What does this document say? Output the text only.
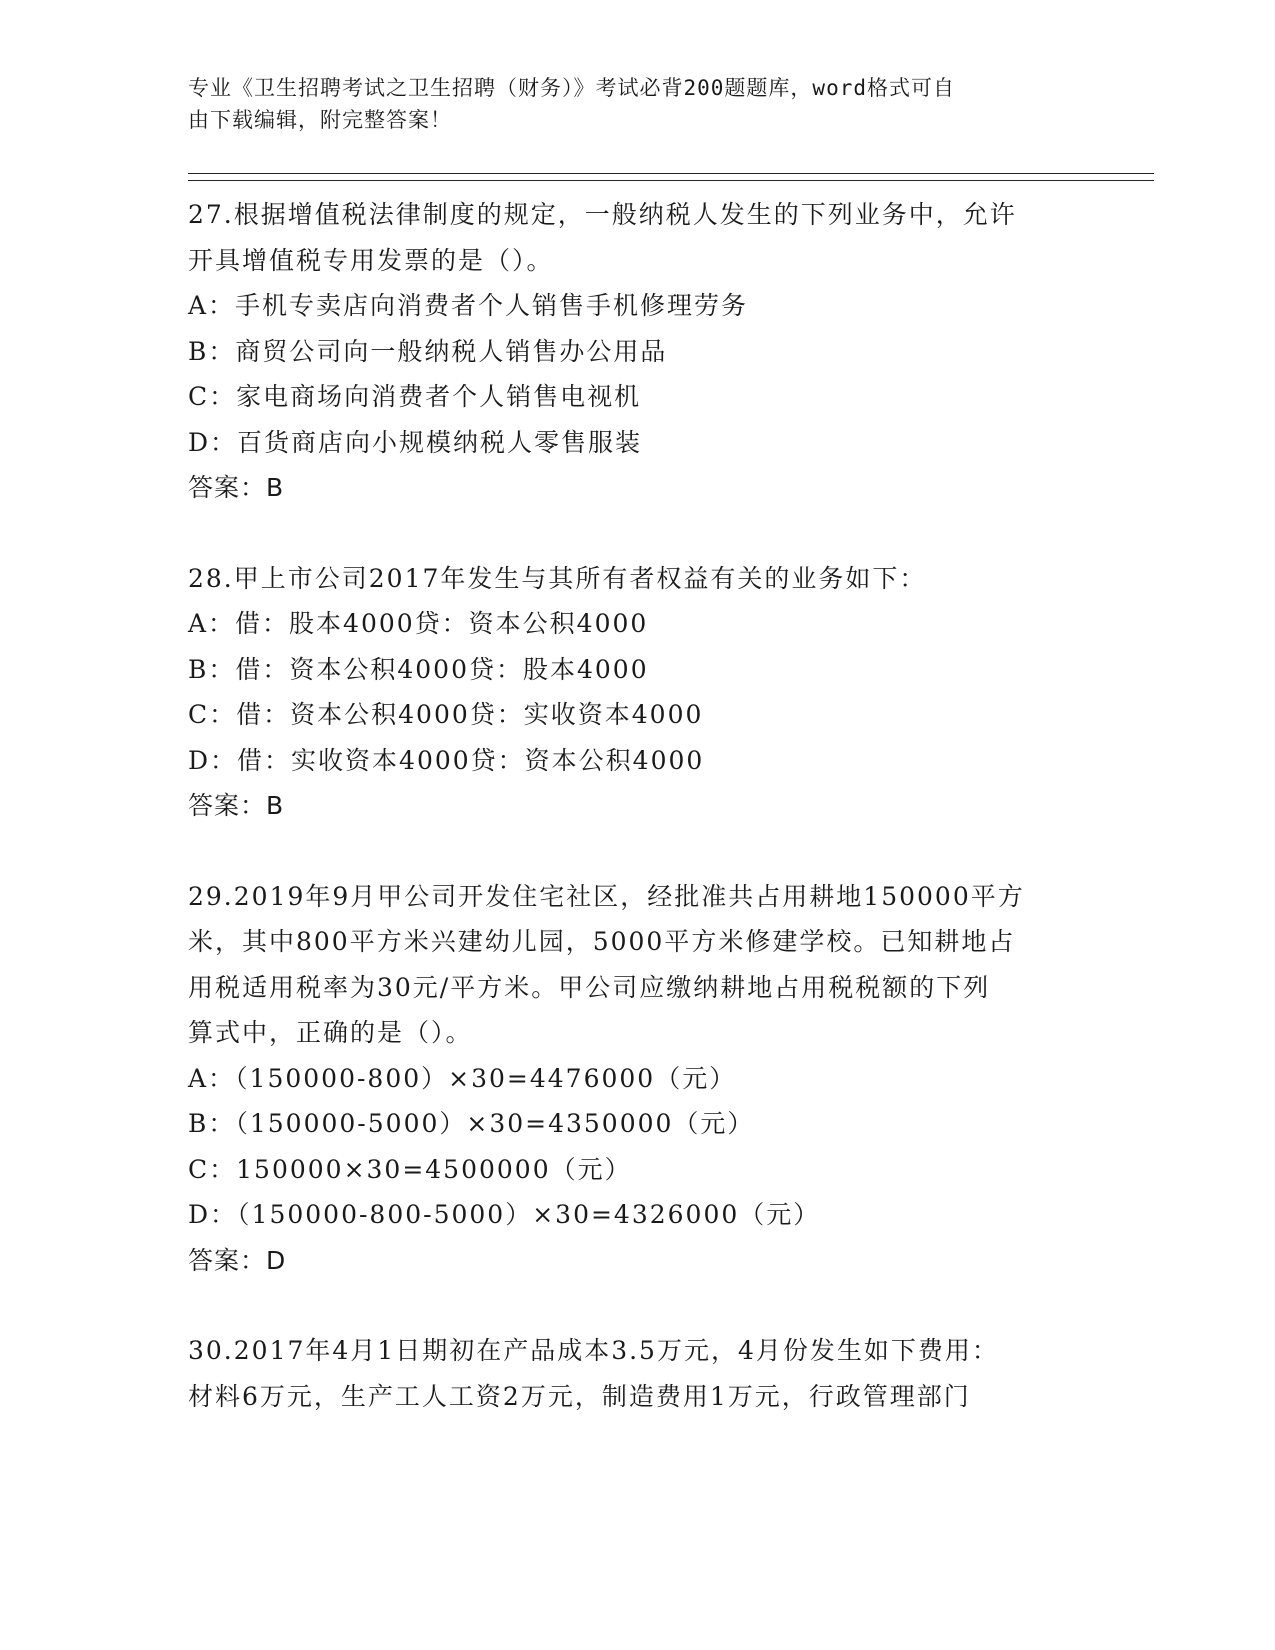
专业《卫生招聘考试之卫生招聘（财务）》考试必背200题题库，word格式可自
由下载编辑，附完整答案！
27.根据增值税法律制度的规定，一般纳税人发生的下列业务中，允许
开具增值税专用发票的是（）。
A：手机专卖店向消费者个人销售手机修理劳务
B：商贸公司向一般纳税人销售办公用品
C：家电商场向消费者个人销售电视机
D：百货商店向小规模纳税人零售服装
答案：B
28.甲上市公司2017年发生与其所有者权益有关的业务如下：
A：借：股本4000贷：资本公积4000
B：借：资本公积4000贷：股本4000
C：借：资本公积4000贷：实收资本4000
D：借：实收资本4000贷：资本公积4000
答案：B
29.2019年9月甲公司开发住宅社区，经批准共占用耕地150000平方
米，其中800平方米兴建幼儿园，5000平方米修建学校。已知耕地占
用税适用税率为30元/平方米。甲公司应缴纳耕地占用税税额的下列
算式中，正确的是（）。
A：（150000-800）×30=4476000（元）
B：（150000-5000）×30=4350000（元）
C：150000×30=4500000（元）
D：（150000-800-5000）×30=4326000（元）
答案：D
30.2017年4月1日期初在产品成本3.5万元，4月份发生如下费用：
材料6万元，生产工人工资2万元，制造费用1万元，行政管理部门
